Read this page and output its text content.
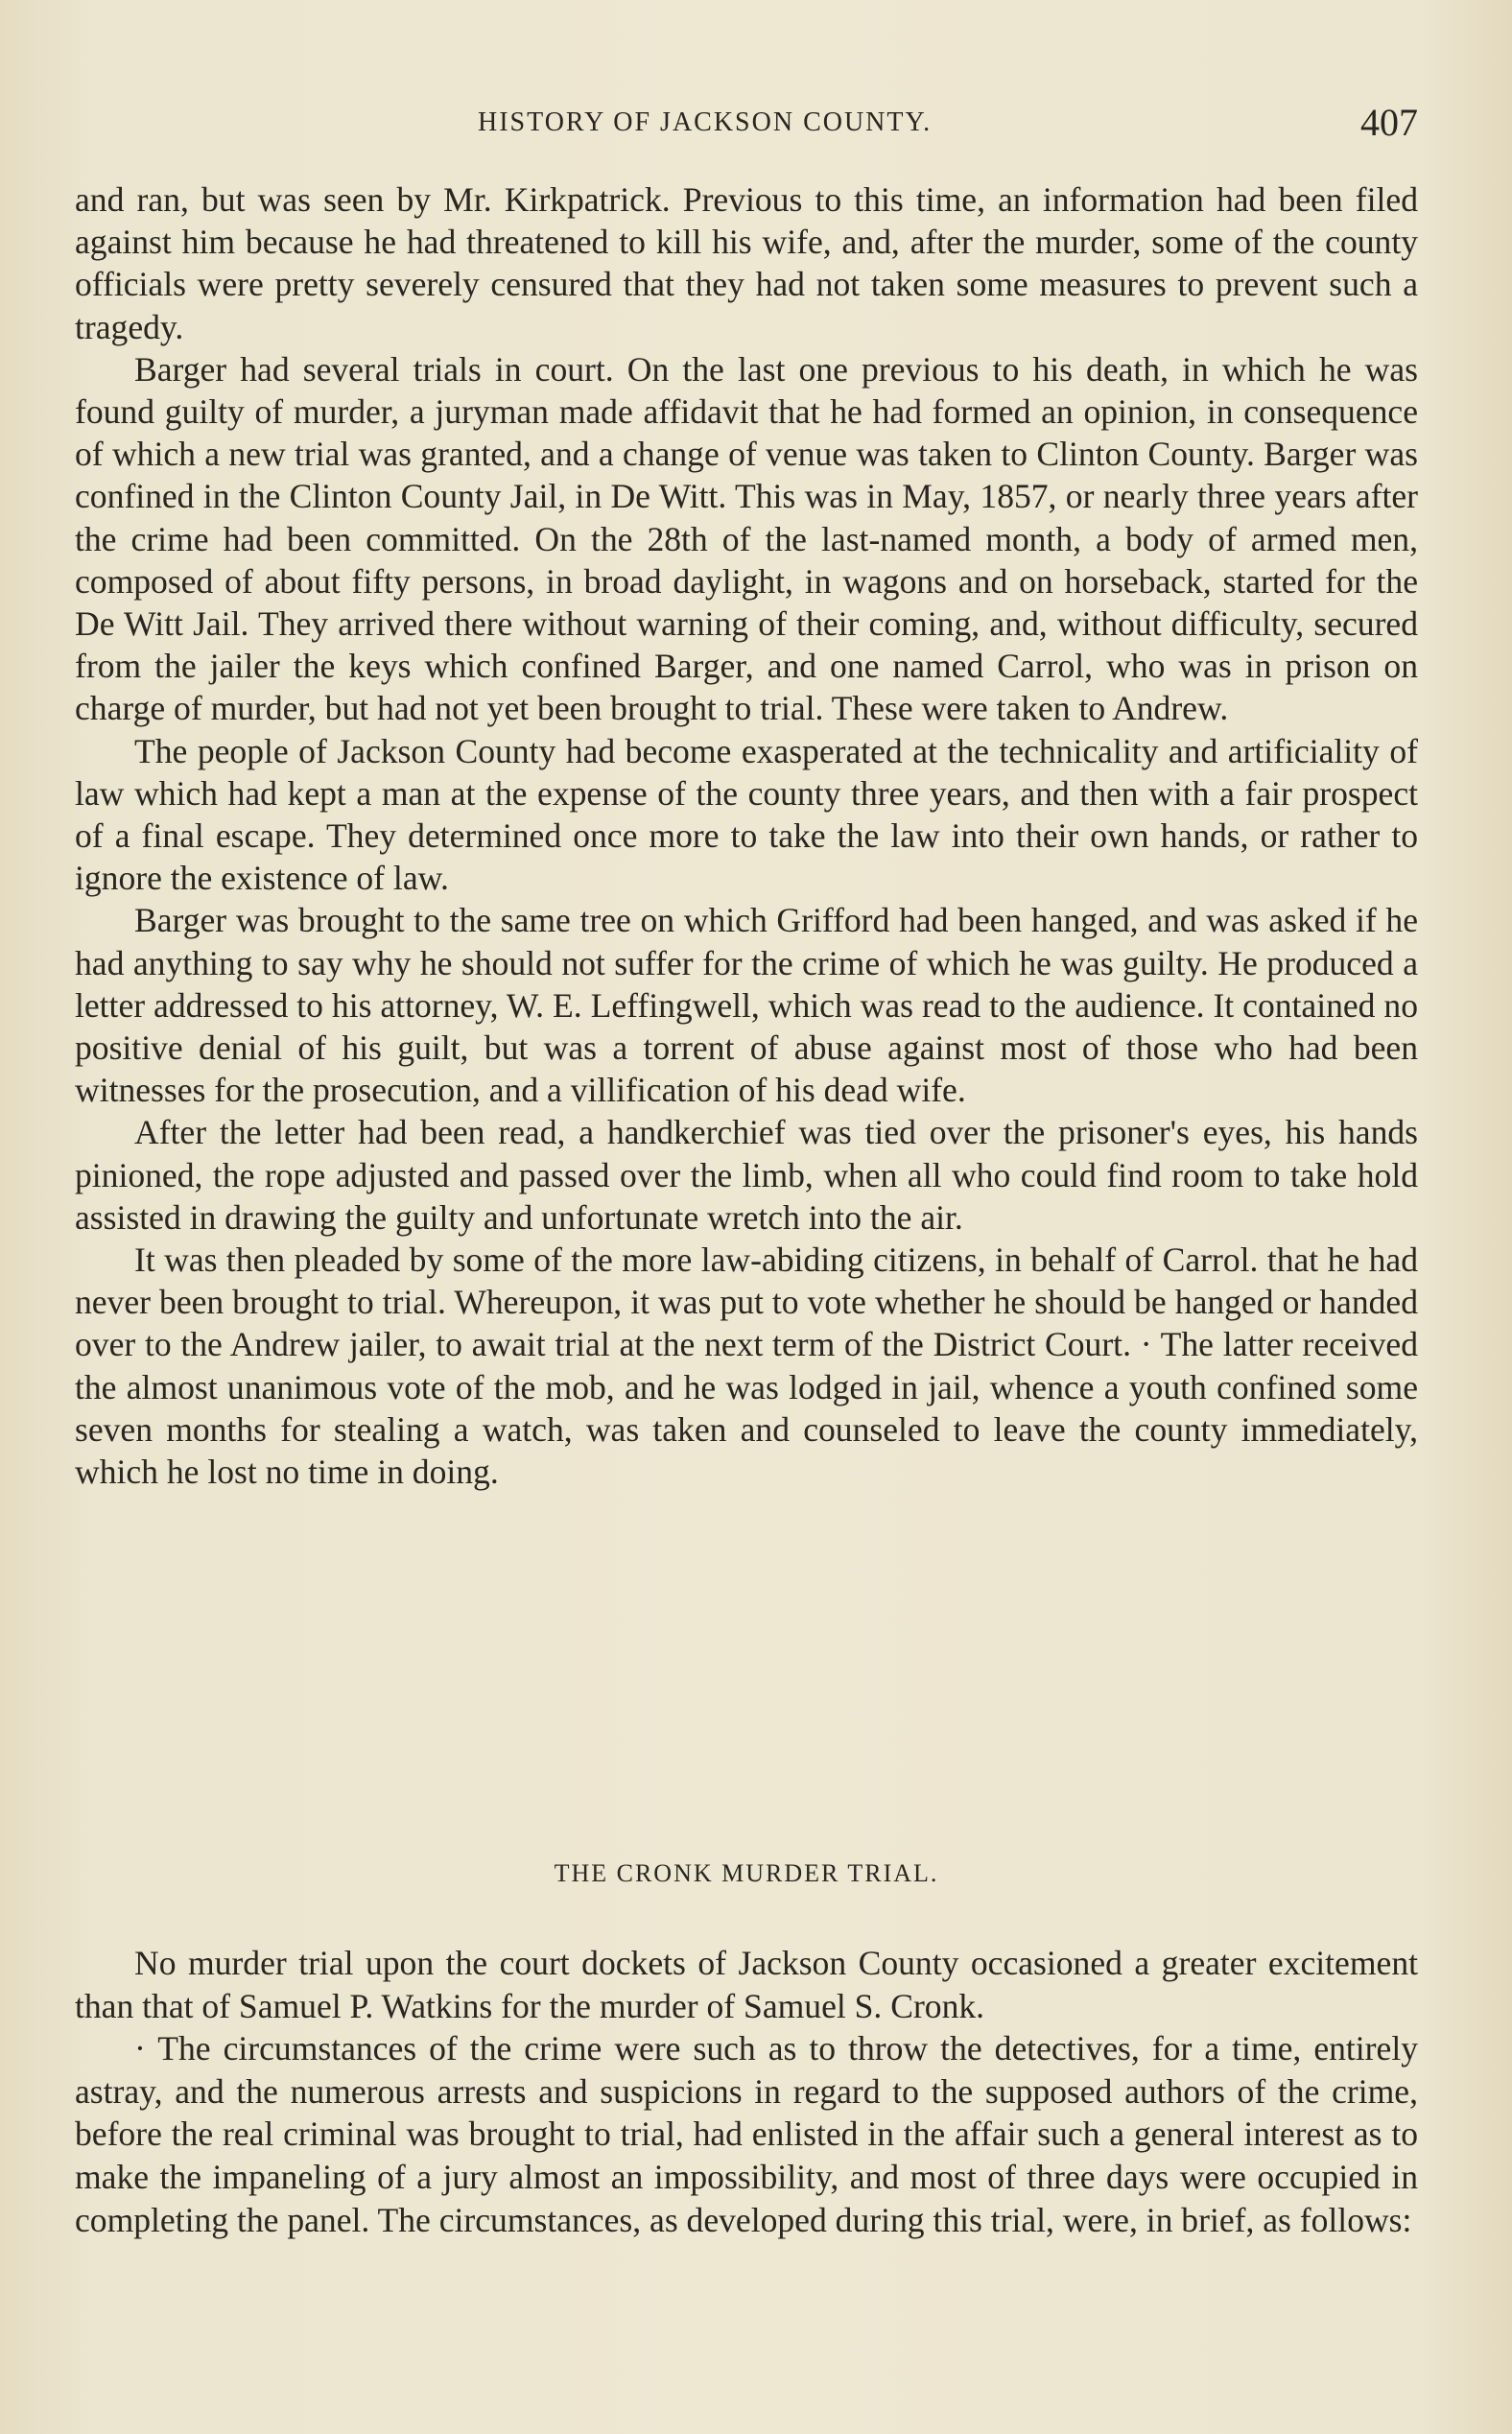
HISTORY OF JACKSON COUNTY.	407

and ran, but was seen by Mr. Kirkpatrick. Previous to this time, an information had been filed against him because he had threatened to kill his wife, and, after the murder, some of the county officials were pretty severely censured that they had not taken some measures to prevent such a tragedy.

Barger had several trials in court. On the last one previous to his death, in which he was found guilty of murder, a juryman made affidavit that he had formed an opinion, in consequence of which a new trial was granted, and a change of venue was taken to Clinton County. Barger was confined in the Clinton County Jail, in De Witt. This was in May, 1857, or nearly three years after the crime had been committed. On the 28th of the last-named month, a body of armed men, composed of about fifty persons, in broad daylight, in wagons and on horseback, started for the De Witt Jail. They arrived there without warning of their coming, and, without difficulty, secured from the jailer the keys which confined Barger, and one named Carrol, who was in prison on charge of murder, but had not yet been brought to trial. These were taken to Andrew.

The people of Jackson County had become exasperated at the technicality and artificiality of law which had kept a man at the expense of the county three years, and then with a fair prospect of a final escape. They determined once more to take the law into their own hands, or rather to ignore the existence of law.

Barger was brought to the same tree on which Grifford had been hanged, and was asked if he had anything to say why he should not suffer for the crime of which he was guilty. He produced a letter addressed to his attorney, W. E. Leffingwell, which was read to the audience. It contained no positive denial of his guilt, but was a torrent of abuse against most of those who had been witnesses for the prosecution, and a villification of his dead wife.

After the letter had been read, a handkerchief was tied over the prisoner's eyes, his hands pinioned, the rope adjusted and passed over the limb, when all who could find room to take hold assisted in drawing the guilty and unfortunate wretch into the air.

It was then pleaded by some of the more law-abiding citizens, in behalf of Carrol. that he had never been brought to trial. Whereupon, it was put to vote whether he should be hanged or handed over to the Andrew jailer, to await trial at the next term of the District Court. · The latter received the almost unanimous vote of the mob, and he was lodged in jail, whence a youth confined some seven months for stealing a watch, was taken and counseled to leave the county immediately, which he lost no time in doing.

THE CRONK MURDER TRIAL.

No murder trial upon the court dockets of Jackson County occasioned a greater excitement than that of Samuel P. Watkins for the murder of Samuel S. Cronk.

· The circumstances of the crime were such as to throw the detectives, for a time, entirely astray, and the numerous arrests and suspicions in regard to the supposed authors of the crime, before the real criminal was brought to trial, had enlisted in the affair such a general interest as to make the impaneling of a jury almost an impossibility, and most of three days were occupied in completing the panel. The circumstances, as developed during this trial, were, in brief, as follows:
